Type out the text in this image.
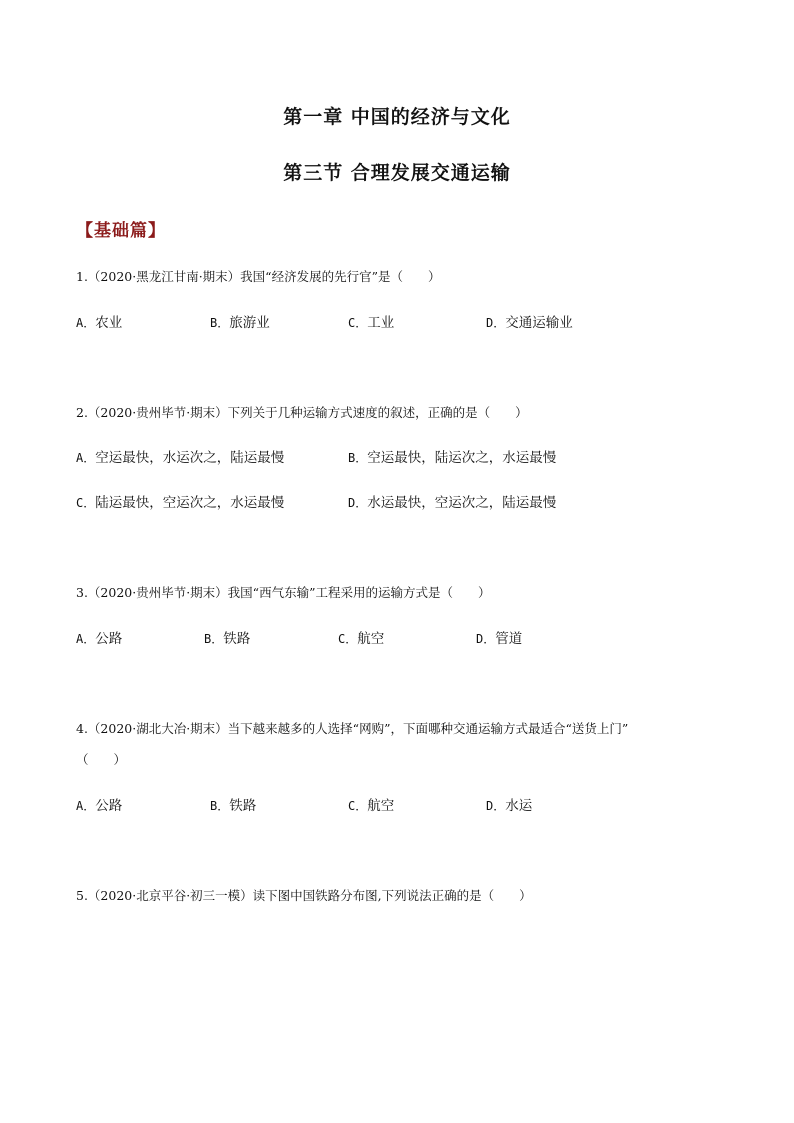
第一章 中国的经济与文化
第三节 合理发展交通运输
【基础篇】
1.（2020·黑龙江甘南·期末）我国“经济发展的先行官”是（　　）
A．农业	B．旅游业	C．工业	D．交通运输业
2.（2020·贵州毕节·期末）下列关于几种运输方式速度的叙述，正确的是（　　）
A．空运最快，水运次之，陆运最慢	B．空运最快，陆运次之，水运最慢
C．陆运最快，空运次之，水运最慢	D．水运最快，空运次之，陆运最慢
3.（2020·贵州毕节·期末）我国“西气东输”工程采用的运输方式是（　　）
A．公路	B．铁路	C．航空	D．管道
4.（2020·湖北大冶·期末）当下越来越多的人选择“网购”，下面哪种交通运输方式最适合“送货上门”
（　　）
A．公路	B．铁路	C．航空	D．水运
5.（2020·北京平谷·初三一模）读下图中国铁路分布图,下列说法正确的是（　　）
